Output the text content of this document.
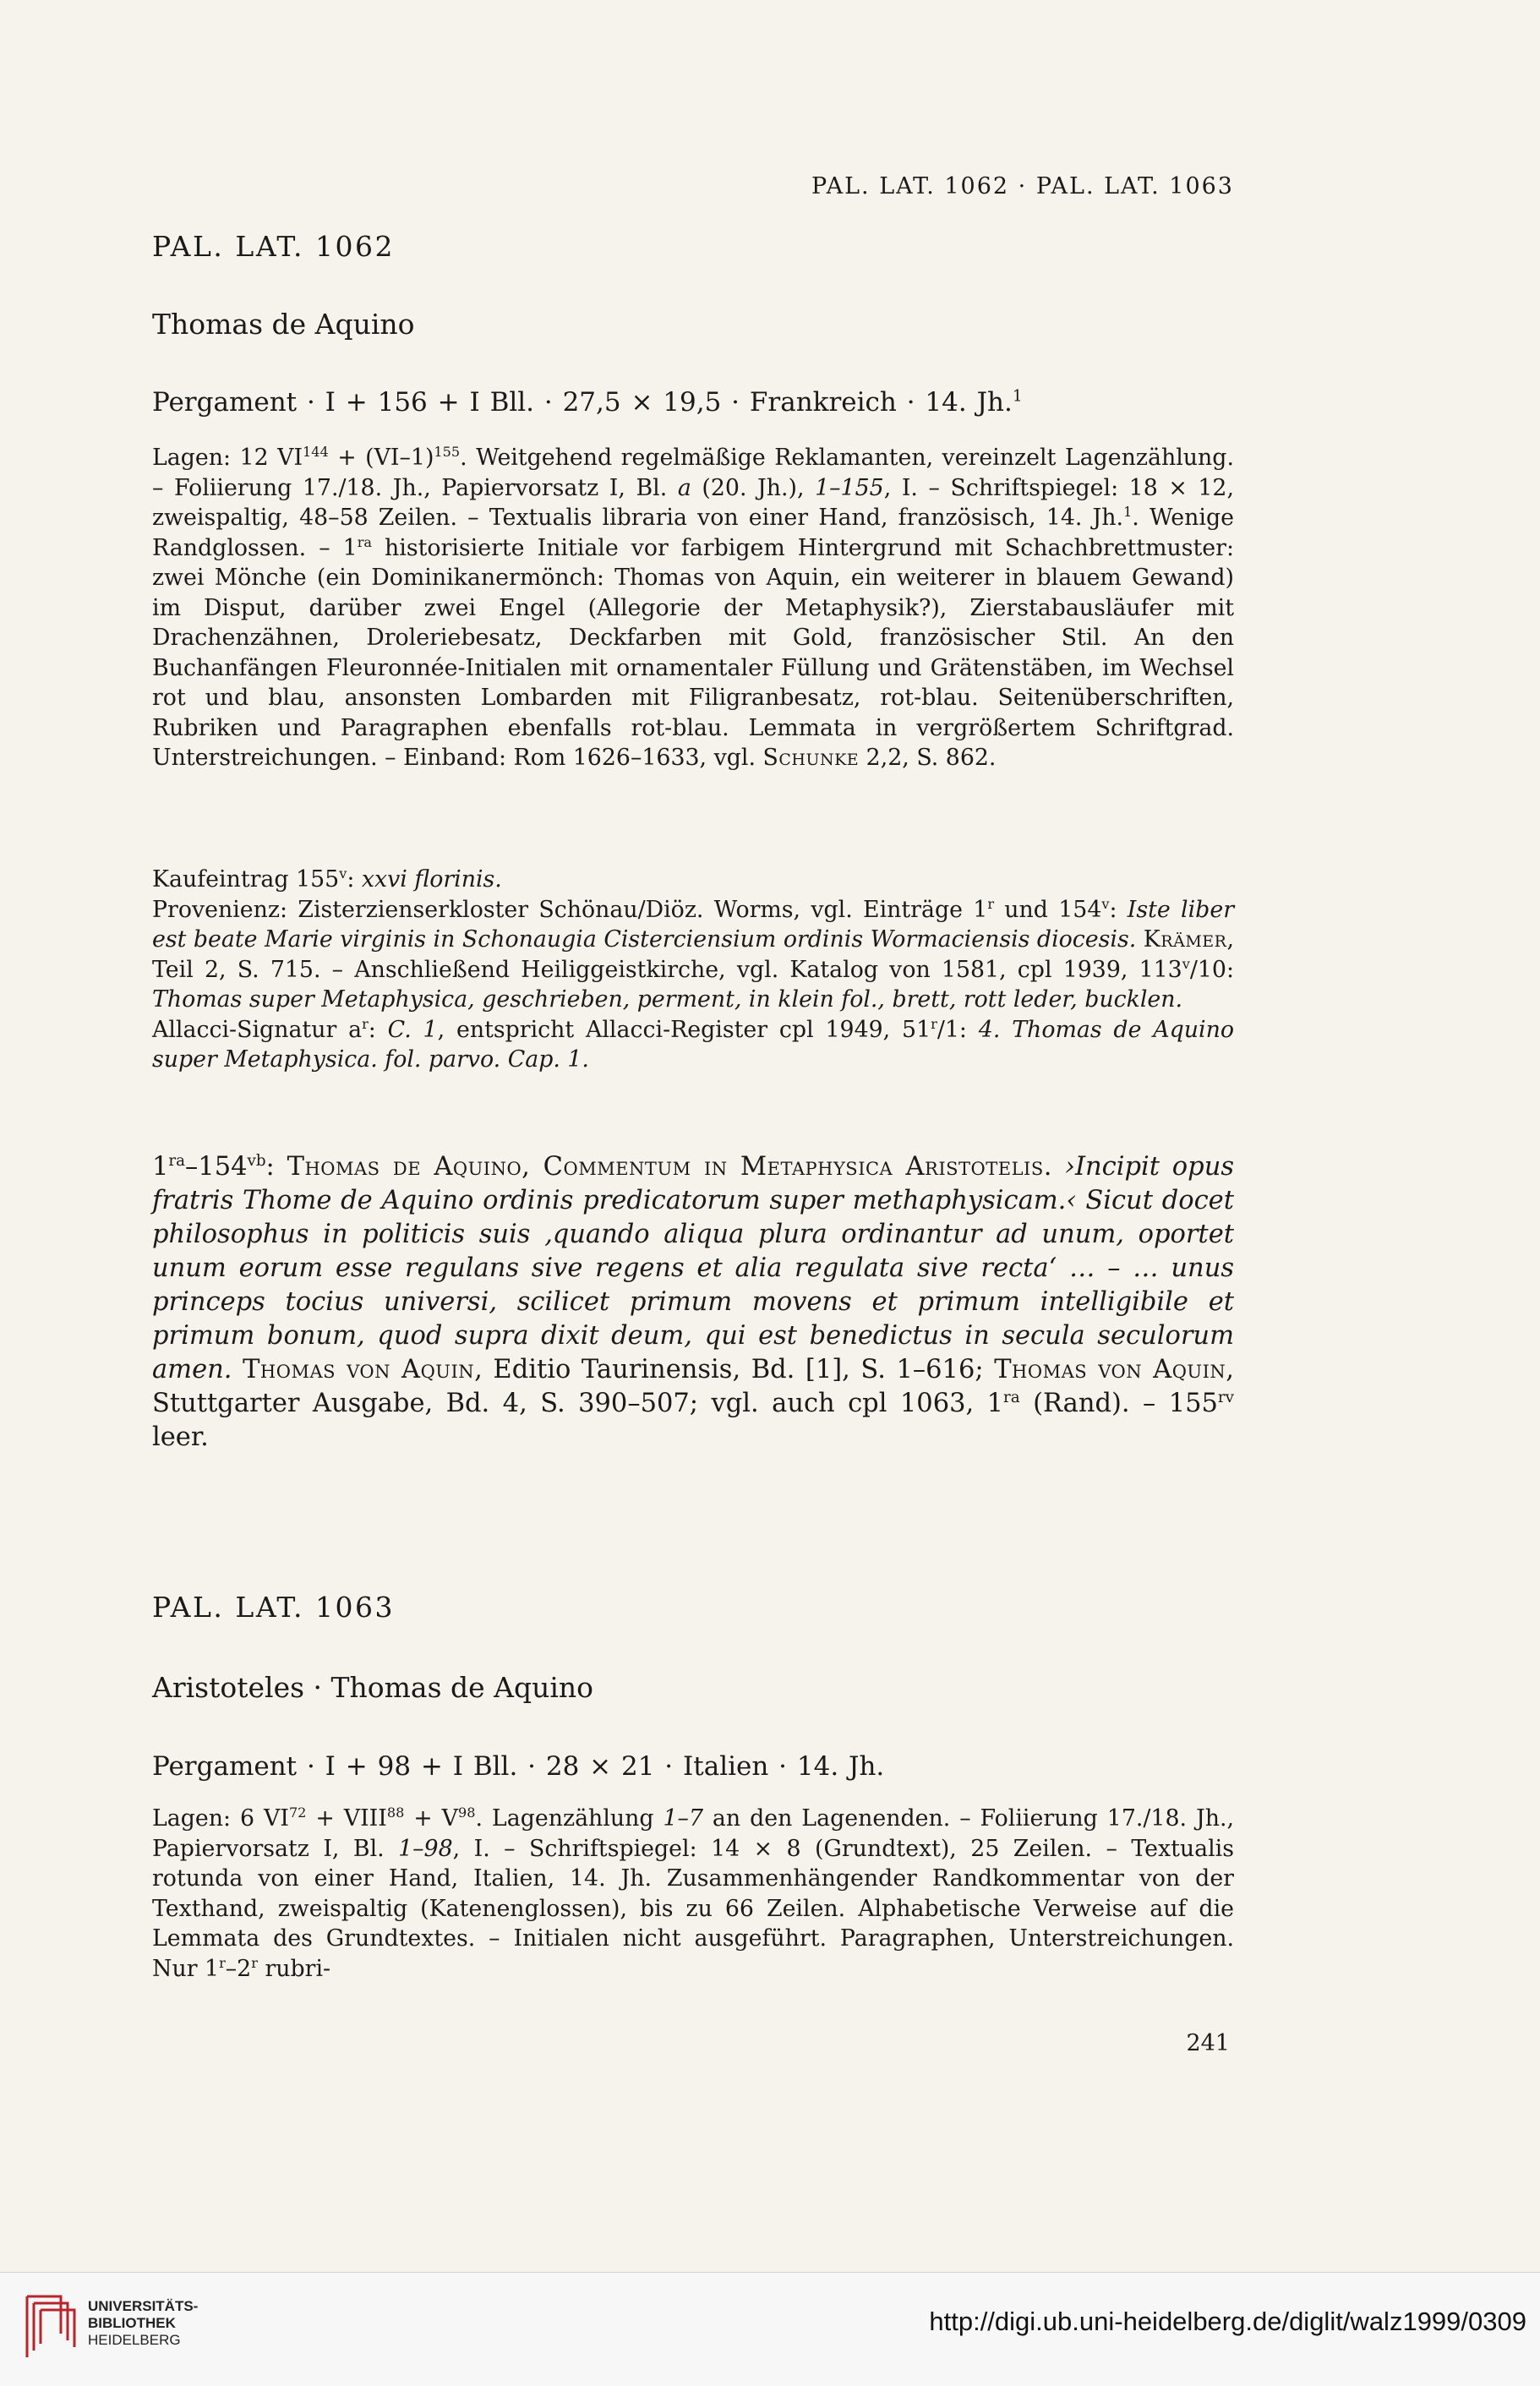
PAL. LAT. 1062 · PAL. LAT. 1063
PAL. LAT. 1062
Thomas de Aquino
Pergament · I + 156 + I Bll. · 27,5 × 19,5 · Frankreich · 14. Jh.$^1$

Lagen: 12 $VI^{144} + (VI-1)^{155}$. Weitgehend regelmäßige Reklamanten, vereinzelt Lagenzählung. – Foliierung 17./18. Jh., Papiervorsatz I, Bl. a (20. Jh.), 1–155, I. – Schriftspiegel: 18 × 12, zweispaltig, 48–58 Zeilen. – Textualis libraria von einer Hand, französisch, 14. Jh.$^1$. Wenige Randglossen. – $1^{ra}$ historisierte Initiale vor farbigem Hintergrund mit Schachbrettmuster: zwei Mönche (ein Dominikanermönch: Thomas von Aquin, ein weiterer in blauem Gewand) im Disput, darüber zwei Engel (Allegorie der Metaphysik?), Zierstabausläufer mit Drachenzähnen, Droleriebesatz, Deckfarben mit Gold, französischer Stil. An den Buchanfängen Fleuronnée-Initialen mit ornamentaler Füllung und Grätenstäben, im Wechsel rot und blau, ansonsten Lombarden mit Filigranbesatz, rot-blau. Seitenüberschriften, Rubriken und Paragraphen ebenfalls rot-blau. Lemmata in vergrößertem Schriftgrad. Unterstreichungen. – Einband: Rom 1626–1633, vgl. Schunke 2,2, S. 862.

Kaufeintrag 155$^v$: xxvi florinis.

Provenienz: Zisterzienserkloster Schönau/Diöz. Worms, vgl. Einträge 1$^r$ und 154$^v$: Iste liber est beate Marie virginis in Schonaugia Cisterciensium ordinis Wormaciensis diocesis. Krämer, Teil 2, S. 715. – Anschließend Heiliggeistkirche, vgl. Katalog von 1581, cpl 1939, 113$^v$/10: Thomas super Metaphysica, geschrieben, perment, in klein fol., brett, rott leder, bucklen.

Allacci-Signatur $a^r$: C. 1, entspricht Allacci-Register cpl 1949, 51$^r$/1: 4. Thomas de Aquino super Metaphysica. fol. parvo. Cap. 1.

$1^{ra}-154^{vb}$: Thomas de Aquino, Commentum in Metaphysica Aristotelis. ›Incipit opus fratris Thome de Aquino ordinis predicatorum super methaphysicam.‹ Sicut docet philosophus in politicis suis ‚quando aliqua plura ordinantur ad unum, oportet unum eorum esse regulans sive regens et alia regulata sive recta‘ … – … unus princeps tocius universi, scilicet primum movens et primum intelligibile et primum bonum, quod supra dixit deum, qui est benedictus in secula seculorum amen. Thomas von Aquin, Editio Taurinensis, Bd. [1], S. 1–616; Thomas von Aquin, Stuttgarter Ausgabe, Bd. 4, S. 390–507; vgl. auch cpl 1063, $1^{ra}$ (Rand). – $155^{rv}$ leer.

PAL. LAT. 1063
Aristoteles · Thomas de Aquino
Pergament · I + 98 + I Bll. · 28 × 21 · Italien · 14. Jh.

Lagen: 6 $VI^{72}$ + $VIII^{88} + V^{98}$. Lagenzählung 1–7 an den Lagenenden. – Foliierung 17./18. Jh., Papiervorsatz I, Bl. 1–98, I. – Schriftspiegel: 14 × 8 (Grundtext), 25 Zeilen. – Textualis rotunda von einer Hand, Italien, 14. Jh. Zusammenhängender Randkommentar von der Texthand, zweispaltig (Katenenglossen), bis zu 66 Zeilen. Alphabetische Verweise auf die Lemmata des Grundtextes. – Initialen nicht ausgeführt. Paragraphen, Unterstreichungen. Nur 1$^r$–2$^r$ rubri-

241
UNIVERSITÄTS-
BIBLIOTHEK
HEIDELBERG
http://digi.ub.uni-heidelberg.de/diglit/walz1999/0309
